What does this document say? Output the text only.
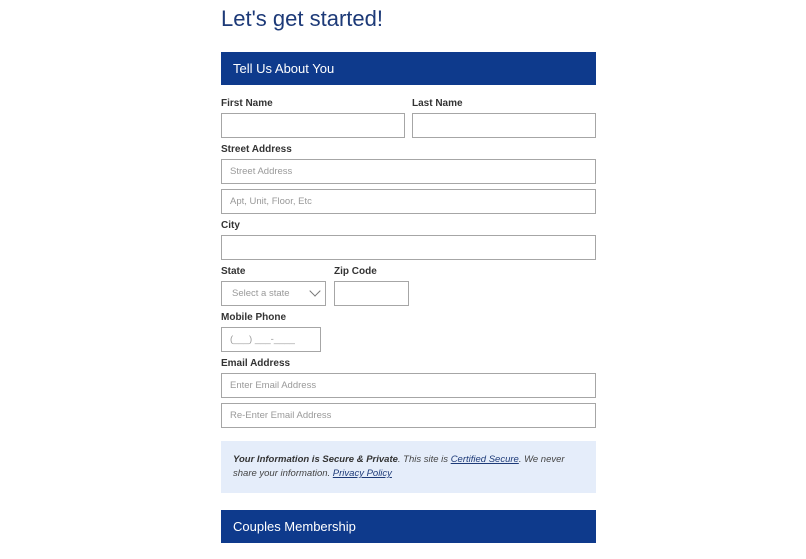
Let's get started!
Tell Us About You
First Name	Last Name
Street Address
Street Address
Apt, Unit, Floor, Etc
City
State	Zip Code
Select a state
Mobile Phone
(___) ___-____
Email Address
Enter Email Address
Re-Enter Email Address
Your Information is Secure & Private. This site is Certified Secure. We never share your information. Privacy Policy
Couples Membership
